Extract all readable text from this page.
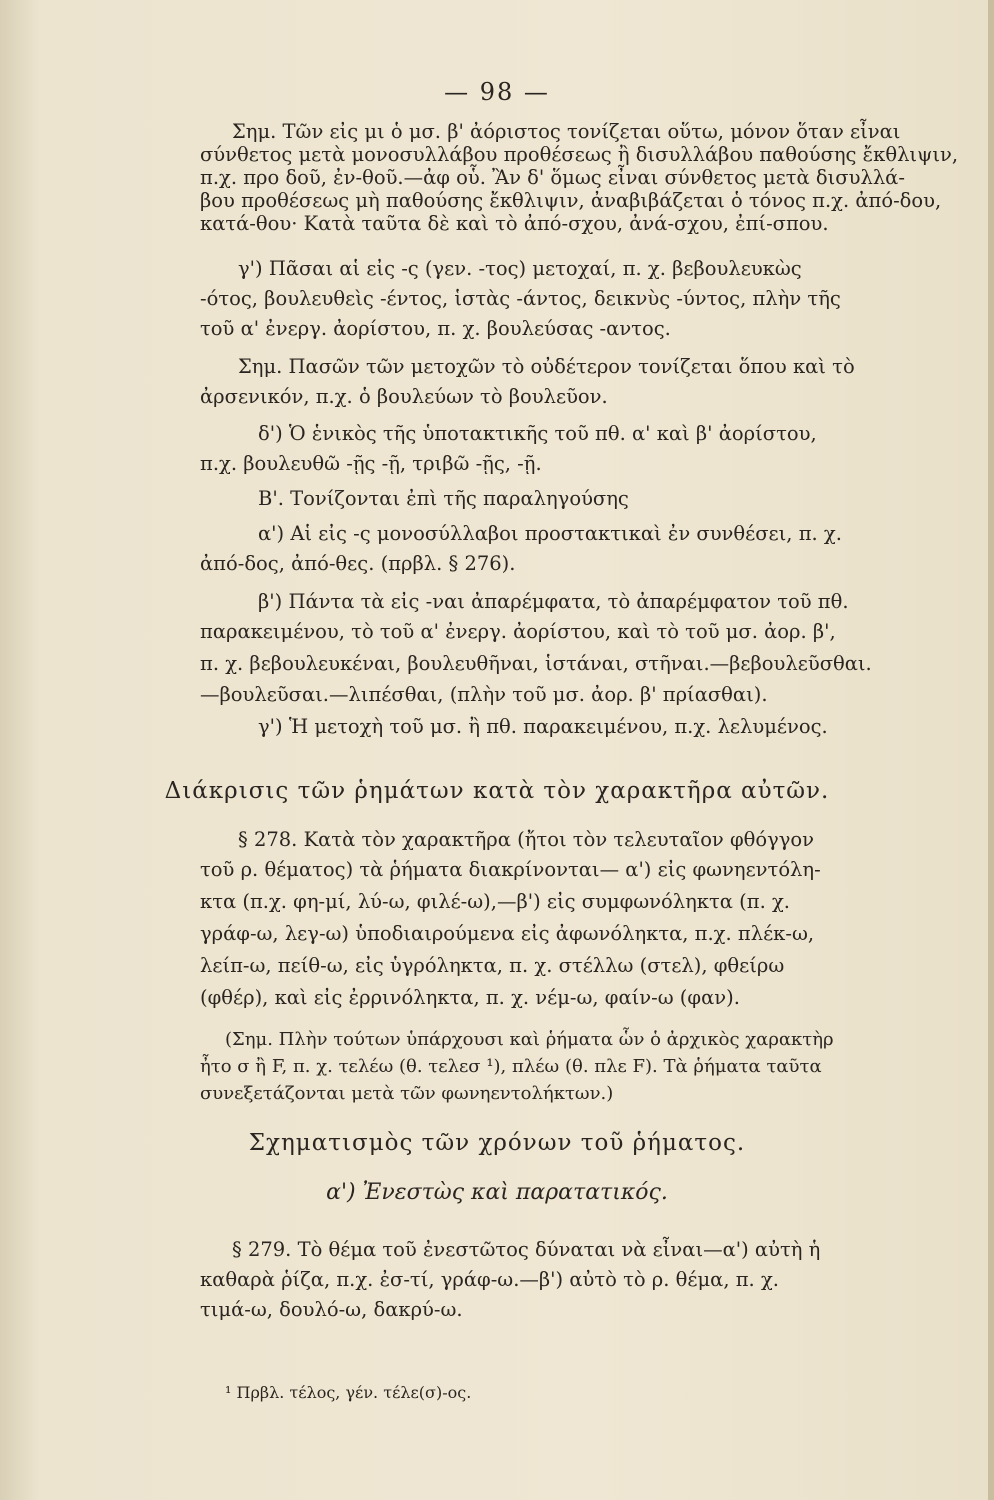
— 98 —
Σημ. Τῶν εἰς μι ὁ μσ. β' ἀόριστος τονίζεται οὕτω, μόνον ὅταν εἶναι
σύνθετος μετὰ μονοσυλλάβου προθέσεως ἢ δισυλλάβου παθούσης ἔκθλιψιν,
π.χ. προ δοῦ, ἐν-θοῦ.—ἀφ οὗ. Ἂν δ' ὅμως εἶναι σύνθετος μετὰ δισυλλά-
βου προθέσεως μὴ παθούσης ἔκθλιψιν, ἀναβιβάζεται ὁ τόνος π.χ. ἀπό-δου,
κατά-θου· Κατὰ ταῦτα δὲ καὶ τὸ ἀπό-σχου, ἀνά-σχου, ἐπί-σπου.
γ') Πᾶσαι αἱ εἰς -ς (γεν. -τος) μετοχαί, π. χ. βεβουλευκὼς
-ότος, βουλευθεὶς -έντος, ἱστὰς -άντος, δεικνὺς -ύντος, πλὴν τῆς
τοῦ α' ἐνεργ. ἀορίστου, π. χ. βουλεύσας -αντος.
Σημ. Πασῶν τῶν μετοχῶν τὸ οὐδέτερον τονίζεται ὅπου καὶ τὸ
ἀρσενικόν, π.χ. ὁ βουλεύων τὸ βουλεῦον.
δ') Ὁ ἑνικὸς τῆς ὑποτακτικῆς τοῦ πθ. α' καὶ β' ἀορίστου,
π.χ. βουλευθῶ -ῇς -ῇ, τριβῶ -ῇς, -ῇ.
Β'. Τονίζονται ἐπὶ τῆς παραληγούσης
α') Αἱ εἰς -ς μονοσύλλαβοι προστακτικαὶ ἐν συνθέσει, π. χ.
ἀπό-δος, ἀπό-θες. (πρβλ. § 276).
β') Πάντα τὰ εἰς -ναι ἀπαρέμφατα, τὸ ἀπαρέμφατον τοῦ πθ.
παρακειμένου, τὸ τοῦ α' ἐνεργ. ἀορίστου, καὶ τὸ τοῦ μσ. ἀορ. β',
π. χ. βεβουλευκέναι, βουλευθῆναι, ἱστάναι, στῆναι.—βεβουλεῦσθαι.
—βουλεῦσαι.—λιπέσθαι, (πλὴν τοῦ μσ. ἀορ. β' πρίασθαι).
γ') Ἡ μετοχὴ τοῦ μσ. ἢ πθ. παρακειμένου, π.χ. λελυμένος.
Διάκρισις τῶν ῥημάτων κατὰ τὸν χαρακτῆρα αὐτῶν.
§ 278. Κατὰ τὸν χαρακτῆρα (ἤτοι τὸν τελευταῖον φθόγγον
τοῦ ρ. θέματος) τὰ ῥήματα διακρίνονται— α') εἰς φωνηεντόλη-
κτα (π.χ. φη-μί, λύ-ω, φιλέ-ω),—β') εἰς συμφωνόληκτα (π. χ.
γράφ-ω, λεγ-ω) ὑποδιαιρούμενα εἰς ἀφωνόληκτα, π.χ. πλέκ-ω,
λείπ-ω, πείθ-ω, εἰς ὑγρόληκτα, π. χ. στέλλω (στελ), φθείρω
(φθέρ), καὶ εἰς ἐρρινόληκτα, π. χ. νέμ-ω, φαίν-ω (φαν).
(Σημ. Πλὴν τούτων ὑπάρχουσι καὶ ῥήματα ὧν ὁ ἀρχικὸς χαρακτὴρ
ἦτο σ ἢ F, π. χ. τελέω (θ. τελεσ ¹), πλέω (θ. πλε F). Τὰ ῥήματα ταῦτα
συνεξετάζονται μετὰ τῶν φωνηεντολήκτων.)
Σχηματισμὸς τῶν χρόνων τοῦ ῥήματος.
α') Ἐνεστὼς καὶ παρατατικός.
§ 279. Τὸ θέμα τοῦ ἐνεστῶτος δύναται νὰ εἶναι—α') αὐτὴ ἡ
καθαρὰ ῥίζα, π.χ. ἐσ-τί, γράφ-ω.—β') αὐτὸ τὸ ρ. θέμα, π. χ.
τιμά-ω, δουλό-ω, δακρύ-ω.
¹ Πρβλ. τέλος, γέν. τέλε(σ)-ος.
